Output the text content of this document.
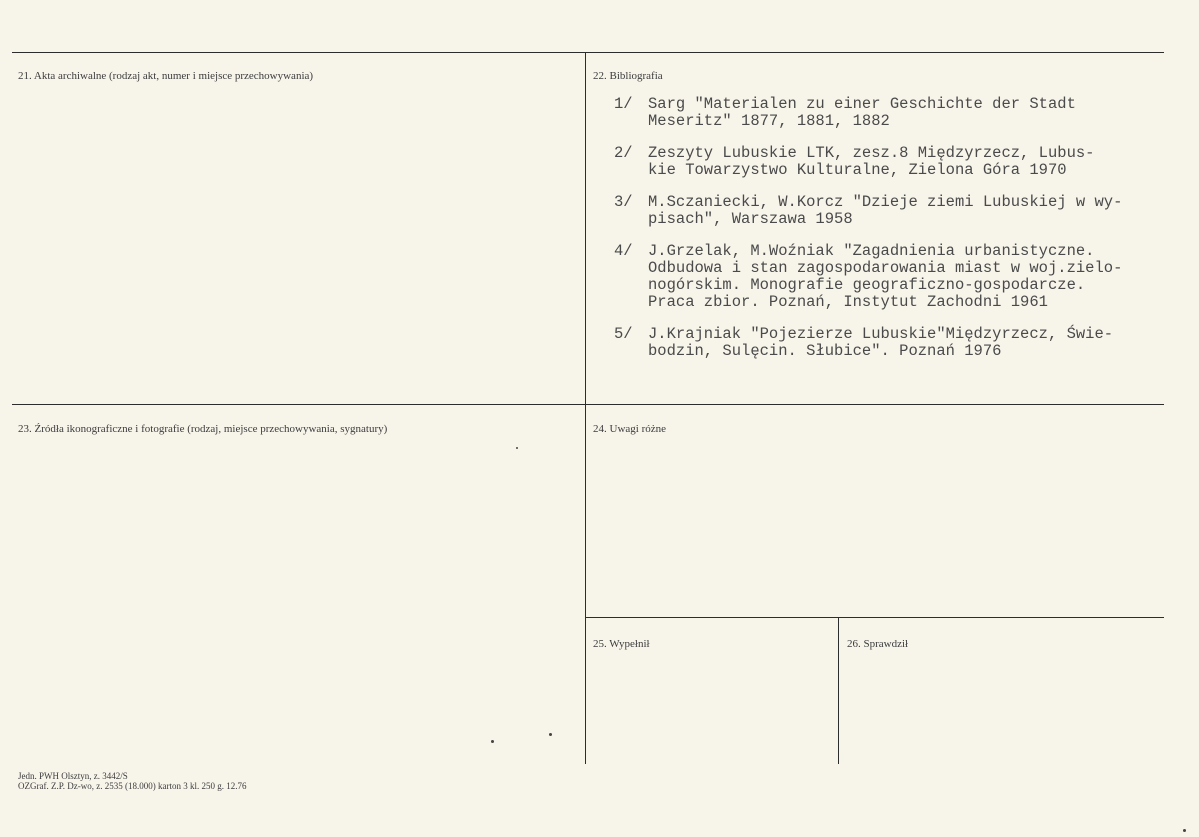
21. Akta archiwalne (rodzaj akt, numer i miejsce przechowywania)	22. Bibliografia
23. Źródła ikonograficzne i fotografie (rodzaj, miejsce przechowywania, sygnatury)	24. Uwagi różne
25. Wypełnił	26. Sprawdził
1/ Sarg "Materialen zu einer Geschichte der Stadt
Meseritz" 1877, 1881, 1882
2/ Zeszyty Lubuskie LTK, zesz.8 Międzyrzecz, Lubus-
kie Towarzystwo Kulturalne, Zielona Góra 1970
3/ M.Sczaniecki, W.Korcz "Dzieje ziemi Lubuskiej w wy-
pisach", Warszawa 1958
4/ J.Grzelak, M.Woźniak "Zagadnienia urbanistyczne.
Odbudowa i stan zagospodarowania miast w woj.zielo-
nogórskim. Monografie geograficzno-gospodarcze.
Praca zbior. Poznań, Instytut Zachodni 1961
5/ J.Krajniak "Pojezierze Lubuskie"Międzyrzecz, Świe-
bodzin, Sulęcin. Słubice". Poznań 1976
Jedn. PWH Olsztyn, z. 3442/S
OZGraf. Z.P. Dz-wo, z. 2535 (18.000) karton 3 kl. 250 g. 12.76
